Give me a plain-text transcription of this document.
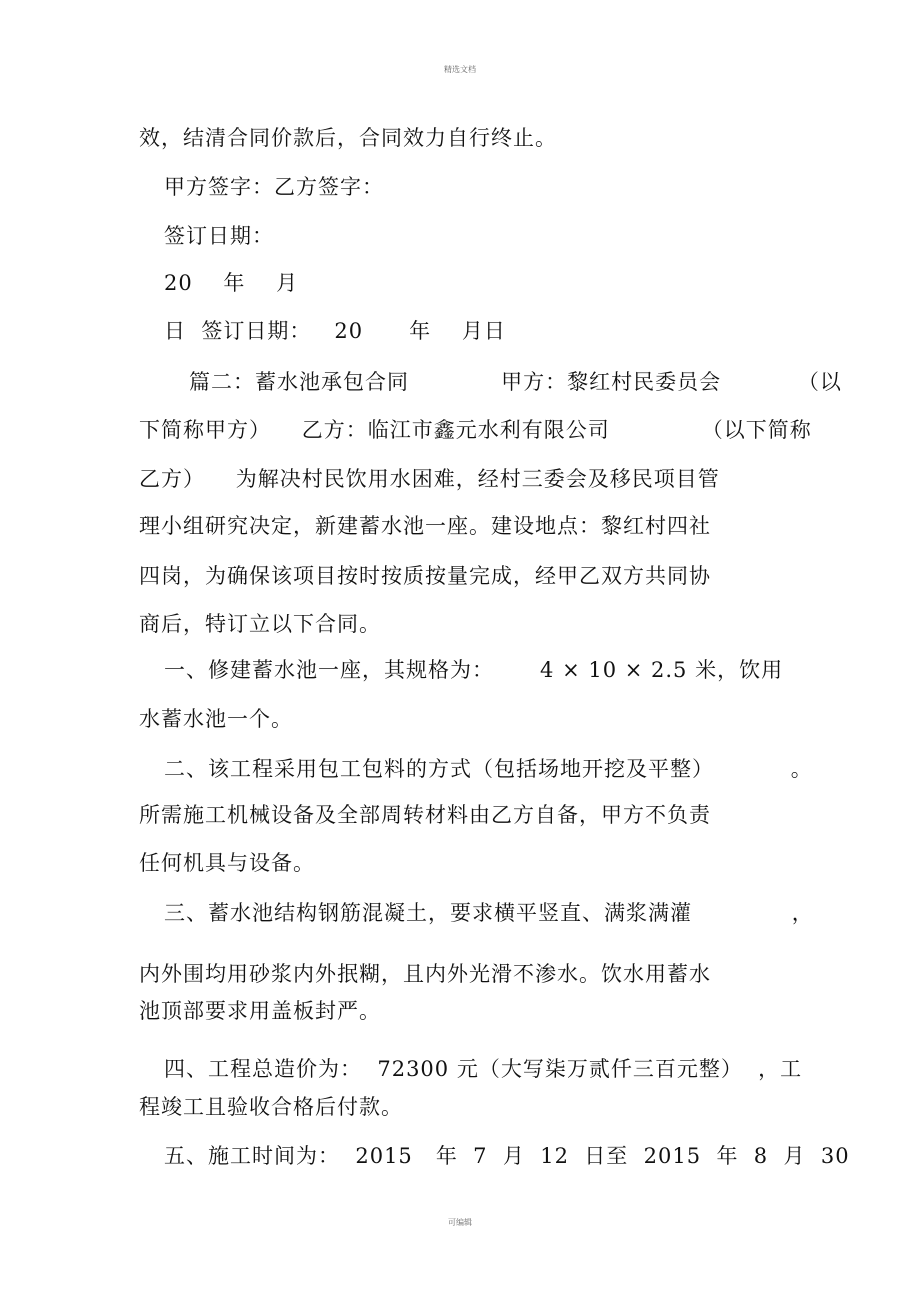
精选文档
效，结清合同价款后，合同效力自行终止。
甲方签字：乙方签字：
签订日期：
20    年    月
日  签订日期：   20      年    月日
篇二：蓄水池承包合同            甲方：黎红村民委员会          （以
下简称甲方）    乙方：临江市鑫元水利有限公司            （以下简称
乙方）    为解决村民饮用水困难，经村三委会及移民项目管
理小组研究决定，新建蓄水池一座。建设地点：黎红村四社
四岗，为确保该项目按时按质按量完成，经甲乙双方共同协
商后，特订立以下合同。
一、修建蓄水池一座，其规格为：      4 × 10 × 2.5 米，饮用
水蓄水池一个。
二、该工程采用包工包料的方式（包括场地开挖及平整）          。
所需施工机械设备及全部周转材料由乙方自备，甲方不负责
任何机具与设备。
三、蓄水池结构钢筋混凝土，要求横平竖直、满浆满灌             ，
内外围均用砂浆内外抿糊，且内外光滑不渗水。饮水用蓄水
池顶部要求用盖板封严。
四、工程总造价为：  72300 元（大写柒万贰仟三百元整）  ，工
程竣工且验收合格后付款。
五、施工时间为：  2015   年  7  月  12  日至  2015  年  8  月  30
可编辑
